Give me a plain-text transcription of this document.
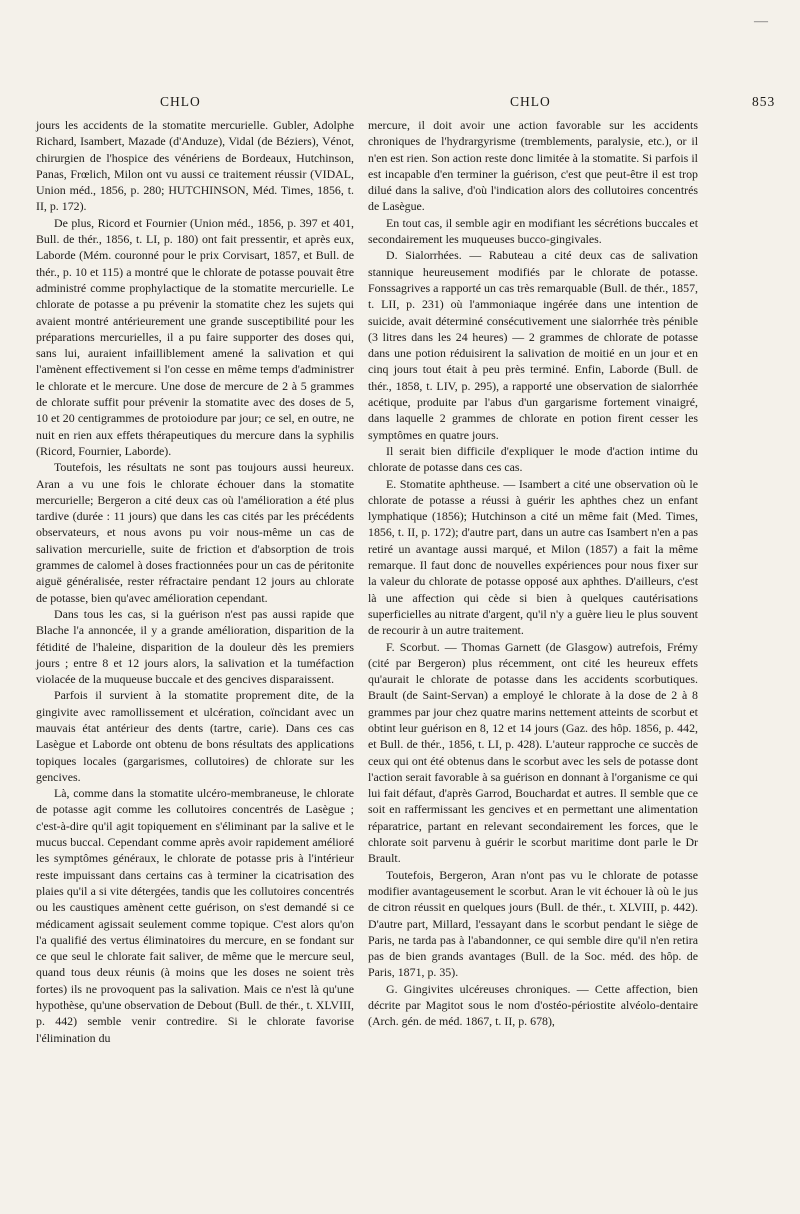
—
CHLO	CHLO	853

jours les accidents de la stomatite mercurielle. Gubler, Adolphe Richard, Isambert, Mazade (d'Anduze), Vidal (de Béziers), Vénot, chirurgien de l'hospice des vénériens de Bordeaux, Hutchinson, Panas, Frœlich, Milon ont vu aussi ce traitement réussir (VIDAL, Union méd., 1856, p. 280; HUTCHINSON, Méd. Times, 1856, t. II, p. 172).

De plus, Ricord et Fournier (Union méd., 1856, p. 397 et 401, Bull. de thér., 1856, t. LI, p. 180) ont fait pressentir, et après eux, Laborde (Mém. couronné pour le prix Corvisart, 1857, et Bull. de thér., p. 10 et 115) a montré que le chlorate de potasse pouvait être administré comme prophylactique de la stomatite mercurielle. Le chlorate de potasse a pu prévenir la stomatite chez les sujets qui avaient montré antérieurement une grande susceptibilité pour les préparations mercurielles, il a pu faire supporter des doses qui, sans lui, auraient infailliblement amené la salivation et qui l'amènent effectivement si l'on cesse en même temps d'administrer le chlorate et le mercure. Une dose de mercure de 2 à 5 grammes de chlorate suffit pour prévenir la stomatite avec des doses de 5, 10 et 20 centigrammes de protoiodure par jour; ce sel, en outre, ne nuit en rien aux effets thérapeutiques du mercure dans la syphilis (Ricord, Fournier, Laborde).

Toutefois, les résultats ne sont pas toujours aussi heureux. Aran a vu une fois le chlorate échouer dans la stomatite mercurielle; Bergeron a cité deux cas où l'amélioration a été plus tardive (durée : 11 jours) que dans les cas cités par les précédents observateurs, et nous avons pu voir nous-même un cas de salivation mercurielle, suite de friction et d'absorption de trois grammes de calomel à doses fractionnées pour un cas de péritonite aiguë généralisée, rester réfractaire pendant 12 jours au chlorate de potasse, bien qu'avec amélioration cependant.

Dans tous les cas, si la guérison n'est pas aussi rapide que Blache l'a annoncée, il y a grande amélioration, disparition de la fétidité de l'haleine, disparition de la douleur dès les premiers jours ; entre 8 et 12 jours alors, la salivation et la tuméfaction violacée de la muqueuse buccale et des gencives disparaissent.

Parfois il survient à la stomatite proprement dite, de la gingivite avec ramollissement et ulcération, coïncidant avec un mauvais état antérieur des dents (tartre, carie). Dans ces cas Lasègue et Laborde ont obtenu de bons résultats des applications topiques locales (gargarismes, collutoires) de chlorate sur les gencives.

Là, comme dans la stomatite ulcéro-membraneuse, le chlorate de potasse agit comme les collutoires concentrés de Lasègue ; c'est-à-dire qu'il agit topiquement en s'éliminant par la salive et le mucus buccal. Cependant comme après avoir rapidement amélioré les symptômes généraux, le chlorate de potasse pris à l'intérieur reste impuissant dans certains cas à terminer la cicatrisation des plaies qu'il a si vite détergées, tandis que les collutoires concentrés ou les caustiques amènent cette guérison, on s'est demandé si ce médicament agissait seulement comme topique. C'est alors qu'on l'a qualifié des vertus éliminatoires du mercure, en se fondant sur ce que seul le chlorate fait saliver, de même que le mercure seul, quand tous deux réunis (à moins que les doses ne soient très fortes) ils ne provoquent pas la salivation. Mais ce n'est là qu'une hypothèse, qu'une observation de Debout (Bull. de thér., t. XLVIII, p. 442) semble venir contredire. Si le chlorate favorise l'élimination du

mercure, il doit avoir une action favorable sur les accidents chroniques de l'hydrargyrisme (tremblements, paralysie, etc.), or il n'en est rien. Son action reste donc limitée à la stomatite. Si parfois il est incapable d'en terminer la guérison, c'est que peut-être il est trop dilué dans la salive, d'où l'indication alors des collutoires concentrés de Lasègue.

En tout cas, il semble agir en modifiant les sécrétions buccales et secondairement les muqueuses bucco-gingivales.

D. Sialorrhées. — Rabuteau a cité deux cas de salivation stannique heureusement modifiés par le chlorate de potasse. Fonssagrives a rapporté un cas très remarquable (Bull. de thér., 1857, t. LII, p. 231) où l'ammoniaque ingérée dans une intention de suicide, avait déterminé consécutivement une sialorrhée très pénible (3 litres dans les 24 heures) — 2 grammes de chlorate de potasse dans une potion réduisirent la salivation de moitié en un jour et en cinq jours tout était à peu près terminé. Enfin, Laborde (Bull. de thér., 1858, t. LIV, p. 295), a rapporté une observation de sialorrhée acétique, produite par l'abus d'un gargarisme fortement vinaigré, dans laquelle 2 grammes de chlorate en potion firent cesser les symptômes en quatre jours.

Il serait bien difficile d'expliquer le mode d'action intime du chlorate de potasse dans ces cas.

E. Stomatite aphtheuse. — Isambert a cité une observation où le chlorate de potasse a réussi à guérir les aphthes chez un enfant lymphatique (1856); Hutchinson a cité un même fait (Med. Times, 1856, t. II, p. 172); d'autre part, dans un autre cas Isambert n'en a pas retiré un avantage aussi marqué, et Milon (1857) a fait la même remarque. Il faut donc de nouvelles expériences pour nous fixer sur la valeur du chlorate de potasse opposé aux aphthes. D'ailleurs, c'est là une affection qui cède si bien à quelques cautérisations superficielles au nitrate d'argent, qu'il n'y a guère lieu le plus souvent de recourir à un autre traitement.

F. Scorbut. — Thomas Garnett (de Glasgow) autrefois, Frémy (cité par Bergeron) plus récemment, ont cité les heureux effets qu'aurait le chlorate de potasse dans les accidents scorbutiques. Brault (de Saint-Servan) a employé le chlorate à la dose de 2 à 8 grammes par jour chez quatre marins nettement atteints de scorbut et obtint leur guérison en 8, 12 et 14 jours (Gaz. des hôp. 1856, p. 442, et Bull. de thér., 1856, t. LI, p. 428). L'auteur rapproche ce succès de ceux qui ont été obtenus dans le scorbut avec les sels de potasse dont l'action serait favorable à sa guérison en donnant à l'organisme ce qui lui fait défaut, d'après Garrod, Bouchardat et autres. Il semble que ce soit en raffermissant les gencives et en permettant une alimentation réparatrice, partant en relevant secondairement les forces, que le chlorate soit parvenu à guérir le scorbut maritime dont parle le Dr Brault.

Toutefois, Bergeron, Aran n'ont pas vu le chlorate de potasse modifier avantageusement le scorbut. Aran le vit échouer là où le jus de citron réussit en quelques jours (Bull. de thér., t. XLVIII, p. 442). D'autre part, Millard, l'essayant dans le scorbut pendant le siège de Paris, ne tarda pas à l'abandonner, ce qui semble dire qu'il n'en retira pas de bien grands avantages (Bull. de la Soc. méd. des hôp. de Paris, 1871, p. 35).

G. Gingivites ulcéreuses chroniques. — Cette affection, bien décrite par Magitot sous le nom d'ostéo-périostite alvéolo-dentaire (Arch. gén. de méd. 1867, t. II, p. 678),
